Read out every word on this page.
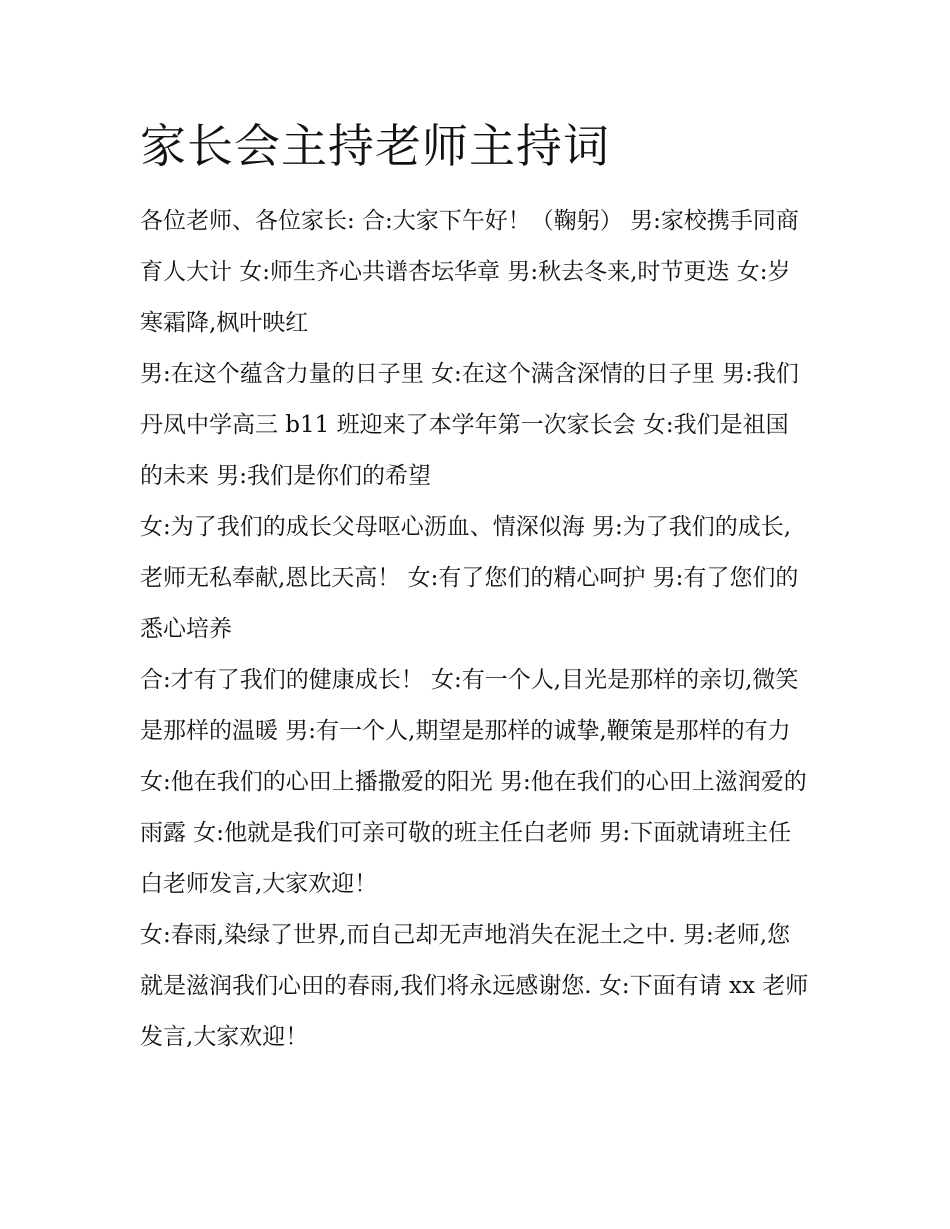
家长会主持老师主持词

各位老师、各位家长: 合:大家下午好！（鞠躬） 男:家校携手同商育人大计 女:师生齐心共谱杏坛华章 男:秋去冬来,时节更迭 女:岁寒霜降,枫叶映红

男:在这个蕴含力量的日子里 女:在这个满含深情的日子里 男:我们丹凤中学高三 b11 班迎来了本学年第一次家长会 女:我们是祖国的未来 男:我们是你们的希望

女:为了我们的成长父母呕心沥血、情深似海 男:为了我们的成长,老师无私奉献,恩比天高！ 女:有了您们的精心呵护 男:有了您们的悉心培养

合:才有了我们的健康成长！ 女:有一个人,目光是那样的亲切,微笑是那样的温暖 男:有一个人,期望是那样的诚挚,鞭策是那样的有力

女:他在我们的心田上播撒爱的阳光 男:他在我们的心田上滋润爱的雨露 女:他就是我们可亲可敬的班主任白老师 男:下面就请班主任白老师发言,大家欢迎！

女:春雨,染绿了世界,而自己却无声地消失在泥土之中. 男:老师,您就是滋润我们心田的春雨,我们将永远感谢您. 女:下面有请 xx 老师发言,大家欢迎！
